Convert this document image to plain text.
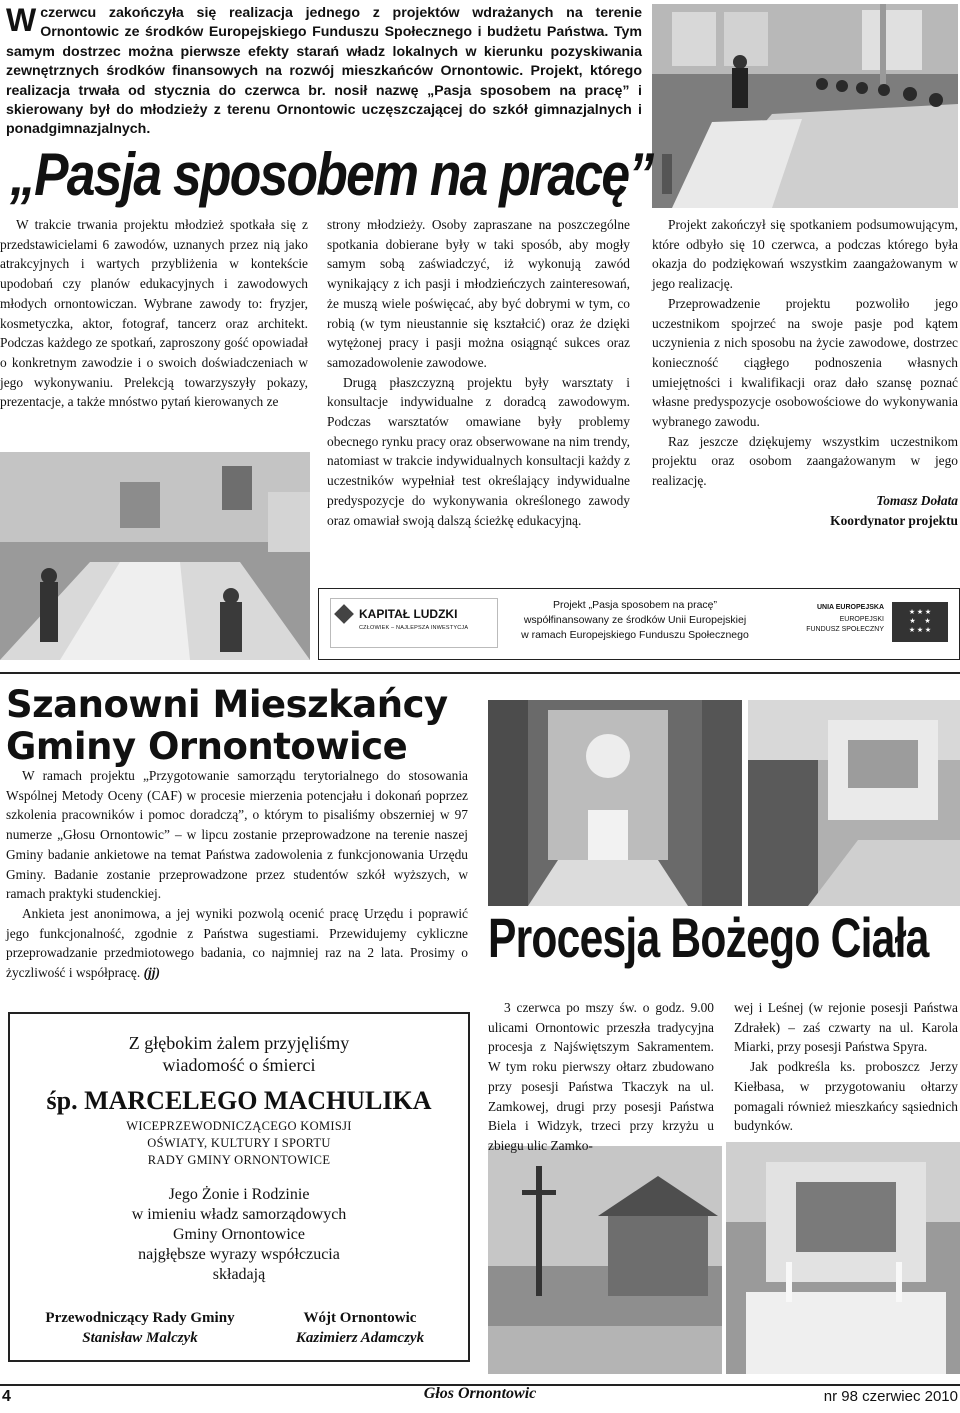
W czerwcu zakończyła się realizacja jednego z projektów wdrażanych na terenie Ornontowic ze środków Europejskiego Funduszu Społecznego i budżetu Państwa. Tym samym dostrzec można pierwsze efekty starań władz lokalnych w kierunku pozyskiwania zewnętrznych środków finansowych na rozwój mieszkańców Ornontowic. Projekt, którego realizacja trwała od stycznia do czerwca br. nosił nazwę „Pasja sposobem na pracę” i skierowany był do młodzieży z terenu Ornontowic uczęszczającej do szkół gimnazjalnych i ponadgimnazjalnych.

„Pasja sposobem na pracę”

W trakcie trwania projektu młodzież spotkała się z przedstawicielami 6 zawodów, uznanych przez nią jako atrakcyjnych i wartych przybliżenia w kontekście upodobań czy planów edukacyjnych i zawodowych młodych ornontowiczan. Wybrane zawody to: fryzjer, kosmetyczka, aktor, fotograf, tancerz oraz architekt. Podczas każdego ze spotkań, zaproszony gość opowiadał o konkretnym zawodzie i o swoich doświadczeniach w jego wykonywaniu. Prelekcją towarzyszyły pokazy, prezentacje, a także mnóstwo pytań kierowanych ze

strony młodzieży. Osoby zapraszane na poszczególne spotkania dobierane były w taki sposób, aby mogły samym sobą zaświadczyć, iż wykonują zawód wynikający z ich pasji i młodzieńczych zainteresowań, że muszą wiele poświęcać, aby być dobrymi w tym, co robią (w tym nieustannie się kształcić) oraz że dzięki wytężonej pracy i pasji można osiągnąć sukces oraz samozadowolenie zawodowe.

Drugą płaszczyzną projektu były warsztaty i konsultacje indywidualne z doradcą zawodowym. Podczas warsztatów omawiane były problemy obecnego rynku pracy oraz obserwowane na nim trendy, natomiast w trakcie indywidualnych konsultacji każdy z uczestników wypełniał test określający indywidualne predyspozycje do wykonywania określonego zawody oraz omawiał swoją dalszą ścieżkę edukacyjną.

Projekt zakończył się spotkaniem podsumowującym, które odbyło się 10 czerwca, a podczas którego była okazja do podziękowań wszystkim zaangażowanym w jego realizację.

Przeprowadzenie projektu pozwoliło jego uczestnikom spojrzeć na swoje pasje pod kątem uczynienia z nich sposobu na życie zawodowe, dostrzec konieczność ciągłego podnoszenia własnych umiejętności i kwalifikacji oraz dało szansę poznać własne predyspozycje osobowościowe do wykonywania wybranego zawodu.

Raz jeszcze dziękujemy wszystkim uczestnikom projektu oraz osobom zaangażowanym w jego realizację.

Tomasz Dołata
Koordynator projektu
KAPITAŁ LUDZKI
CZŁOWIEK – NAJLEPSZA INWESTYCJA
Projekt „Pasja sposobem na pracę”
współfinansowany ze środków Unii Europejskiej
w ramach Europejskiego Funduszu Społecznego
UNIA EUROPEJSKA
EUROPEJSKI
FUNDUSZ SPOŁECZNY
★ ★ ★
★     ★
★ ★ ★
Szanowni Mieszkańcy
Gminy Ornontowice

W ramach projektu „Przygotowanie samorządu terytorialnego do stosowania Wspólnej Metody Oceny (CAF) w procesie mierzenia potencjału i dokonań poprzez szkolenia pracowników i pomoc doradczą”, o którym to pisaliśmy obszerniej w 97 numerze „Głosu Ornontowic” – w lipcu zostanie przeprowadzone na terenie naszej Gminy badanie ankietowe na temat Państwa zadowolenia z funkcjonowania Urzędu Gminy. Badanie zostanie przeprowadzone przez studentów szkół wyższych, w ramach praktyki studenckiej.

Ankieta jest anonimowa, a jej wyniki pozwolą ocenić pracę Urzędu i poprawić jego funkcjonalność, zgodnie z Państwa sugestiami. Przewidujemy cykliczne przeprowadzanie przedmiotowego badania, co najmniej raz na 2 lata. Prosimy o życzliwość i współpracę. (jj)

Z głębokim żalem przyjęliśmy
wiadomość o śmierci
śp. MARCELEGO MACHULIKA
WICEPRZEWODNICZĄCEGO KOMISJI
OŚWIATY, KULTURY I SPORTU
RADY GMINY ORNONTOWICE
Jego Żonie i Rodzinie
w imieniu władz samorządowych
Gminy Ornontowice
najgłębsze wyrazy współczucia
składają
Przewodniczący Rady Gminy
Stanisław Malczyk
Wójt Ornontowic
Kazimierz Adamczyk
Procesja Bożego Ciała

3 czerwca po mszy św. o godz. 9.00 ulicami Ornontowic przeszła tradycyjna procesja z Najświętszym Sakramentem. W tym roku pierwszy ołtarz zbudowano przy posesji Państwa Tkaczyk na ul. Zamkowej, drugi przy posesji Państwa Biela i Widzyk, trzeci przy krzyżu u zbiegu ulic Zamko-

wej i Leśnej (w rejonie posesji Państwa Zdrałek) – zaś czwarty na ul. Karola Miarki, przy posesji Państwa Spyra.

Jak podkreśla ks. proboszcz Jerzy Kiełbasa, w przygotowaniu ołtarzy pomagali również mieszkańcy sąsiednich budynków.

4	Głos Ornontowic	nr 98 czerwiec 2010
